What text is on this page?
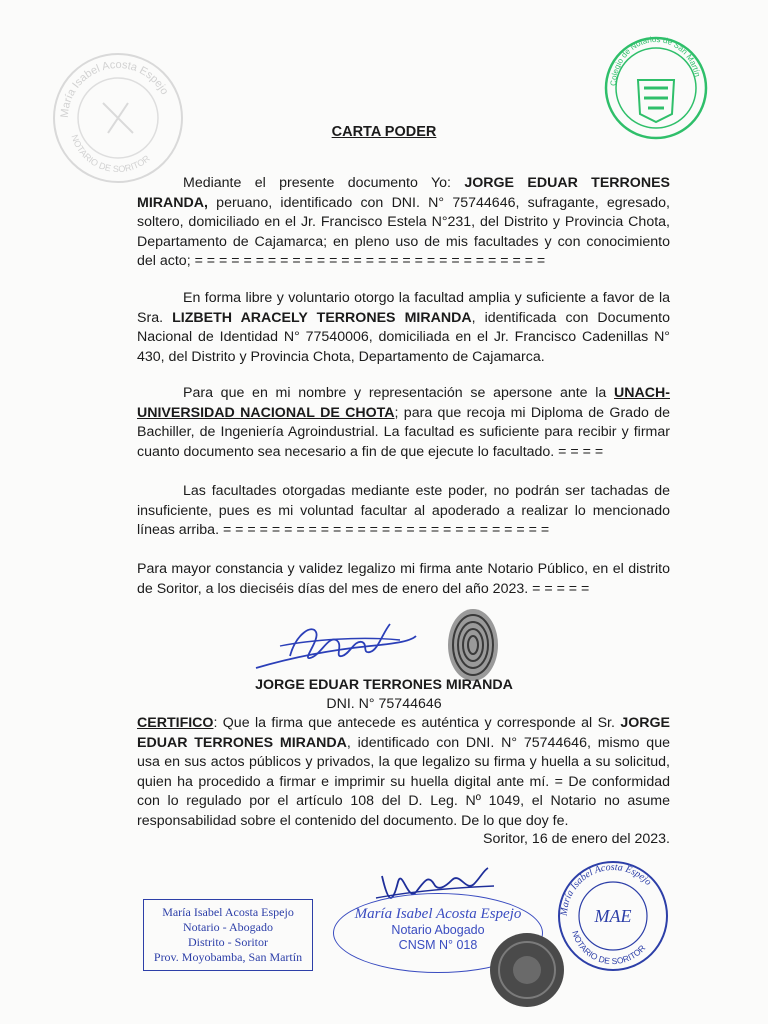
María Isabel Acosta Espejo
NOTARIO DE SORITOR
Colegio de Notarios de San Martín
CARTA PODER
Mediante el presente documento Yo: JORGE EDUAR TERRONES MIRANDA, peruano, identificado con DNI. N° 75744646, sufragante, egresado, soltero, domiciliado en el Jr. Francisco Estela N°231, del Distrito y Provincia Chota, Departamento de Cajamarca; en pleno uso de mis facultades y con conocimiento del acto; = = = = = = = = = = = = = = = = = = = = = = = = = = = = =
En forma libre y voluntario otorgo la facultad amplia y suficiente a favor de la Sra. LIZBETH ARACELY TERRONES MIRANDA, identificada con Documento Nacional de Identidad N° 77540006, domiciliada en el Jr. Francisco Cadenillas N° 430, del Distrito y Provincia Chota, Departamento de Cajamarca.
Para que en mi nombre y representación se apersone ante la UNACH-UNIVERSIDAD NACIONAL DE CHOTA; para que recoja mi Diploma de Grado de Bachiller, de Ingeniería Agroindustrial. La facultad es suficiente para recibir y firmar cuanto documento sea necesario a fin de que ejecute lo facultado. = = = =
Las facultades otorgadas mediante este poder, no podrán ser tachadas de insuficiente, pues es mi voluntad facultar al apoderado a realizar lo mencionado líneas arriba. = = = = = = = = = = = = = = = = = = = = = = = = = = =
Para mayor constancia y validez legalizo mi firma ante Notario Público, en el distrito de Soritor, a los dieciséis días del mes de enero del año 2023. = = = = =
JORGE EDUAR TERRONES MIRANDA
DNI. N° 75744646
CERTIFICO: Que la firma que antecede es auténtica y corresponde al Sr. JORGE EDUAR TERRONES MIRANDA, identificado con DNI. N° 75744646, mismo que usa en sus actos públicos y privados, la que legalizo su firma y huella a su solicitud, quien ha procedido a firmar e imprimir su huella digital ante mí. = De conformidad con lo regulado por el artículo 108 del D. Leg. Nº 1049, el Notario no asume responsabilidad sobre el contenido del documento. De lo que doy fe.
Soritor, 16 de enero del 2023.
María Isabel Acosta Espejo
Notario - Abogado
Distrito - Soritor
Prov. Moyobamba, San Martín
María Isabel Acosta Espejo
Notario Abogado
CNSM N° 018
María Isabel Acosta Espejo
NOTARIO DE SORITOR
MAE
